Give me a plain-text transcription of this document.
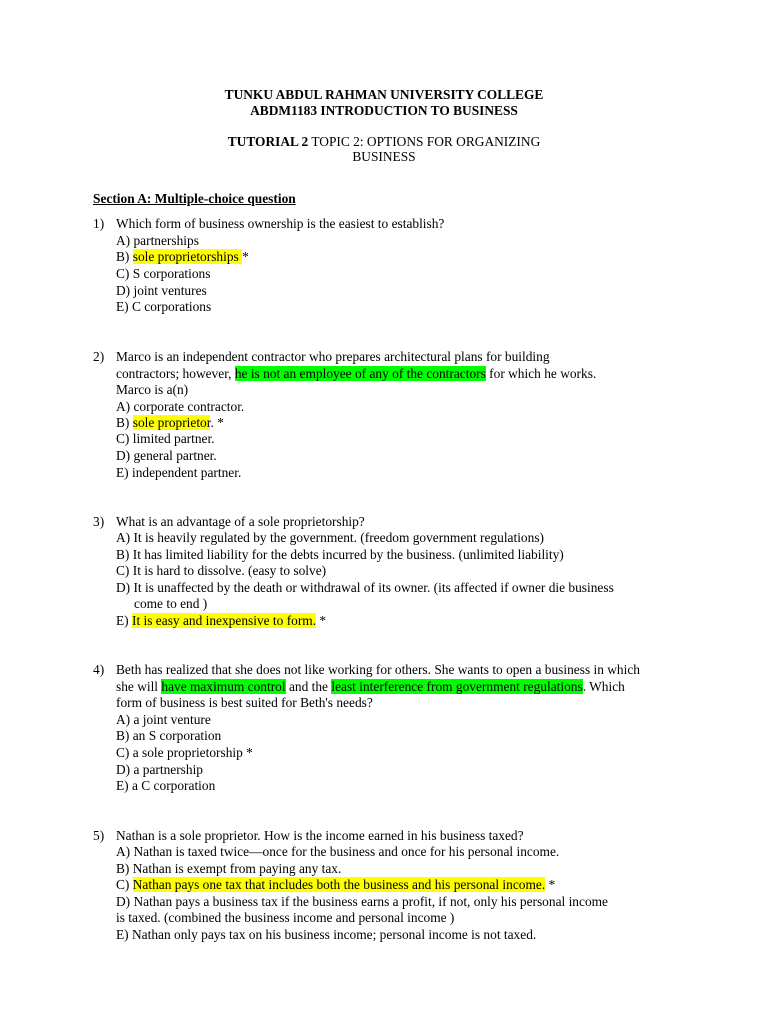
TUNKU ABDUL RAHMAN UNIVERSITY COLLEGE
ABDM1183 INTRODUCTION TO BUSINESS
TUTORIAL 2 TOPIC 2: OPTIONS FOR ORGANIZING
BUSINESS
Section A: Multiple-choice question
1) Which form of business ownership is the easiest to establish?
A) partnerships
B) sole proprietorships *
C) S corporations
D) joint ventures
E) C corporations
2) Marco is an independent contractor who prepares architectural plans for building
contractors; however, he is not an employee of any of the contractors for which he works.
Marco is a(n)
A) corporate contractor.
B) sole proprietor. *
C) limited partner.
D) general partner.
E) independent partner.
3) What is an advantage of a sole proprietorship?
A) It is heavily regulated by the government. (freedom government regulations)
B) It has limited liability for the debts incurred by the business. (unlimited liability)
C) It is hard to dissolve. (easy to solve)
D) It is unaffected by the death or withdrawal of its owner. (its affected if owner die business
come to end )
E) It is easy and inexpensive to form. *
4) Beth has realized that she does not like working for others. She wants to open a business in which
she will have maximum control and the least interference from government regulations. Which
form of business is best suited for Beth's needs?
A) a joint venture
B) an S corporation
C) a sole proprietorship *
D) a partnership
E) a C corporation
5) Nathan is a sole proprietor. How is the income earned in his business taxed?
A) Nathan is taxed twice—once for the business and once for his personal income.
B) Nathan is exempt from paying any tax.
C) Nathan pays one tax that includes both the business and his personal income. *
D) Nathan pays a business tax if the business earns a profit, if not, only his personal income
is taxed. (combined the business income and personal income )
E) Nathan only pays tax on his business income; personal income is not taxed.
